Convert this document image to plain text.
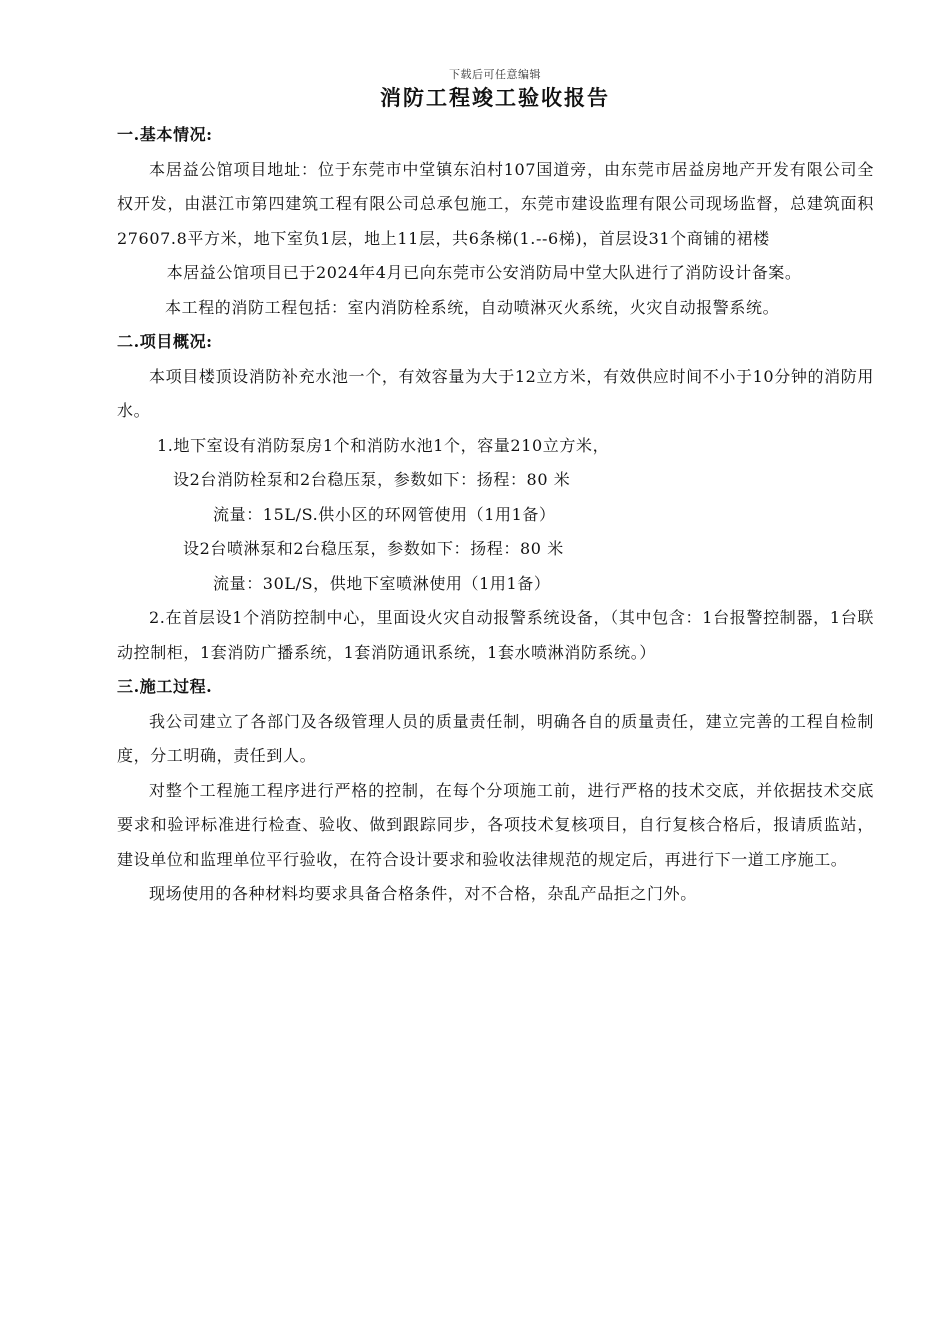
下载后可任意编辑
消防工程竣工验收报告

一.基本情况:

本居益公馆项目地址：位于东莞市中堂镇东泊村107国道旁，由东莞市居益房地产开发有限公司全权开发，由湛江市第四建筑工程有限公司总承包施工，东莞市建设监理有限公司现场监督，总建筑面积27607.8平方米，地下室负1层，地上11层，共6条梯(1.--6梯)，首层设31个商铺的裙楼

本居益公馆项目已于2024年4月已向东莞市公安消防局中堂大队进行了消防设计备案。

本工程的消防工程包括：室内消防栓系统，自动喷淋灭火系统，火灾自动报警系统。

二.项目概况:

本项目楼顶设消防补充水池一个，有效容量为大于12立方米，有效供应时间不小于10分钟的消防用水。

1.地下室设有消防泵房1个和消防水池1个，容量210立方米，

设2台消防栓泵和2台稳压泵，参数如下：扬程：80 米

流量：15L/S.供小区的环网管使用（1用1备）

设2台喷淋泵和2台稳压泵，参数如下：扬程：80 米

流量：30L/S，供地下室喷淋使用（1用1备）

2.在首层设1个消防控制中心，里面设火灾自动报警系统设备，（其中包含：1台报警控制器，1台联动控制柜，1套消防广播系统，1套消防通讯系统，1套水喷淋消防系统。）

三.施工过程.

我公司建立了各部门及各级管理人员的质量责任制，明确各自的质量责任，建立完善的工程自检制度，分工明确，责任到人。

对整个工程施工程序进行严格的控制，在每个分项施工前，进行严格的技术交底，并依据技术交底要求和验评标准进行检查、验收、做到跟踪同步，各项技术复核项目，自行复核合格后，报请质监站，建设单位和监理单位平行验收，在符合设计要求和验收法律规范的规定后，再进行下一道工序施工。

现场使用的各种材料均要求具备合格条件，对不合格，杂乱产品拒之门外。
